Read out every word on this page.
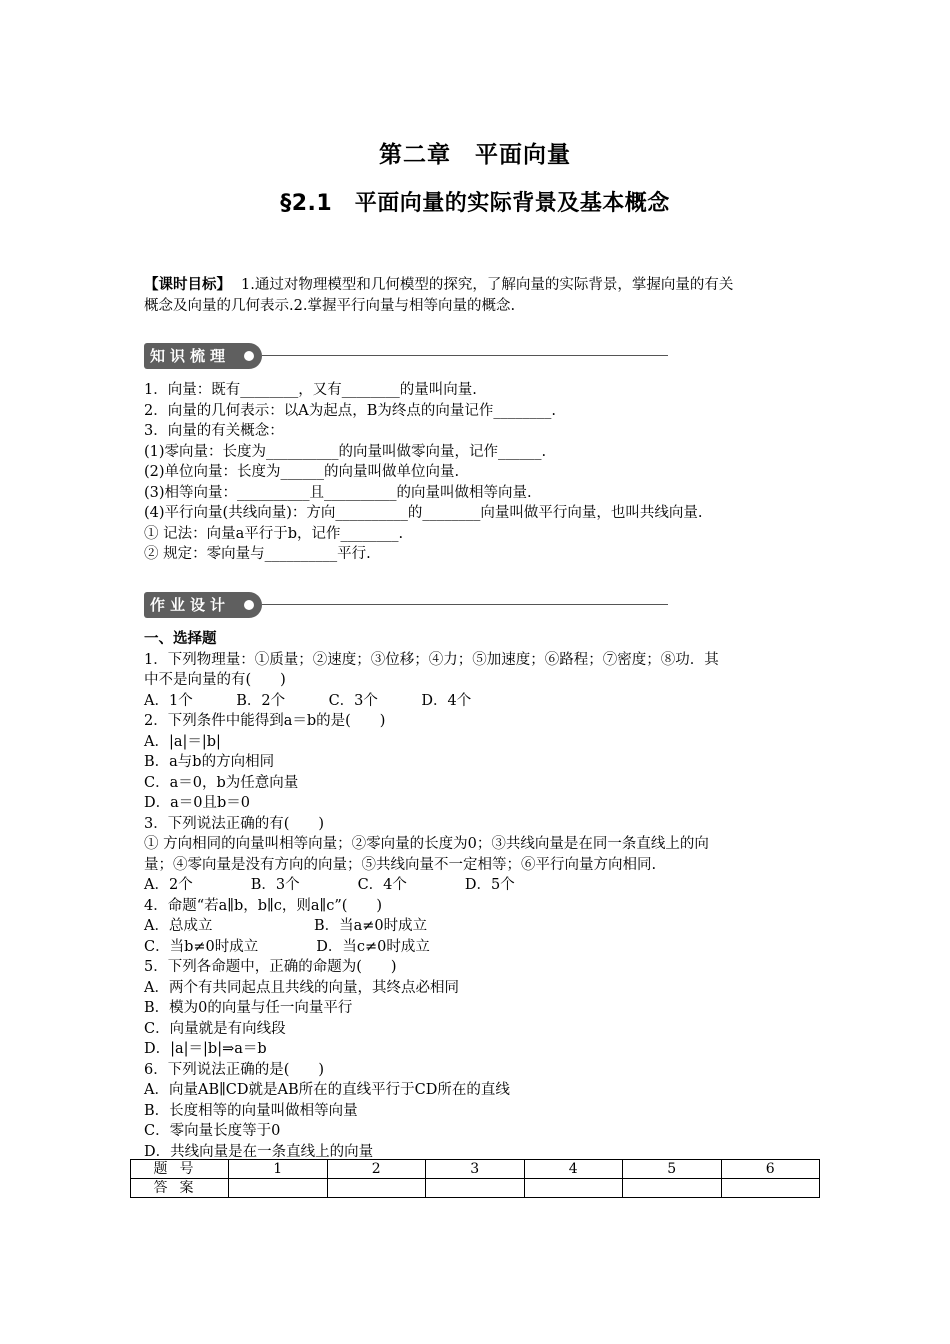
第二章　平面向量
§2.1　平面向量的实际背景及基本概念
【课时目标】 1.通过对物理模型和几何模型的探究，了解向量的实际背景，掌握向量的有关
概念及向量的几何表示.2.掌握平行向量与相等向量的概念.
知识梳理
1．向量：既有________，又有________的量叫向量.
2．向量的几何表示：以A为起点，B为终点的向量记作________.
3．向量的有关概念：
(1)零向量：长度为__________的向量叫做零向量，记作______.
(2)单位向量：长度为______的向量叫做单位向量.
(3)相等向量：__________且__________的向量叫做相等向量.
(4)平行向量(共线向量)：方向__________的________向量叫做平行向量，也叫共线向量.
① 记法：向量a平行于b，记作________.
② 规定：零向量与__________平行.
作业设计
一、选择题
1．下列物理量：①质量；②速度；③位移；④力；⑤加速度；⑥路程；⑦密度；⑧功．其
中不是向量的有(　　)
A．1个　　　B．2个　　　C．3个　　　D．4个
2．下列条件中能得到a＝b的是(　　)
A．|a|＝|b|
B．a与b的方向相同
C．a＝0，b为任意向量
D．a＝0且b＝0
3．下列说法正确的有(　　)
① 方向相同的向量叫相等向量；②零向量的长度为0；③共线向量是在同一条直线上的向
量；④零向量是没有方向的向量；⑤共线向量不一定相等；⑥平行向量方向相同.
A．2个　　　　B．3个　　　　C．4个　　　　D．5个
4．命题“若a∥b，b∥c，则a∥c”(　　)
A．总成立　　　　　　　B．当a≠0时成立
C．当b≠0时成立　　　　D．当c≠0时成立
5．下列各命题中，正确的命题为(　　)
A．两个有共同起点且共线的向量，其终点必相同
B．模为0的向量与任一向量平行
C．向量就是有向线段
D．|a|＝|b|⇒a＝b
6．下列说法正确的是(　　)
A．向量AB∥CD就是AB所在的直线平行于CD所在的直线
B．长度相等的向量叫做相等向量
C．零向量长度等于0
D．共线向量是在一条直线上的向量
题号	1	2	3	4	5	6
答案						
